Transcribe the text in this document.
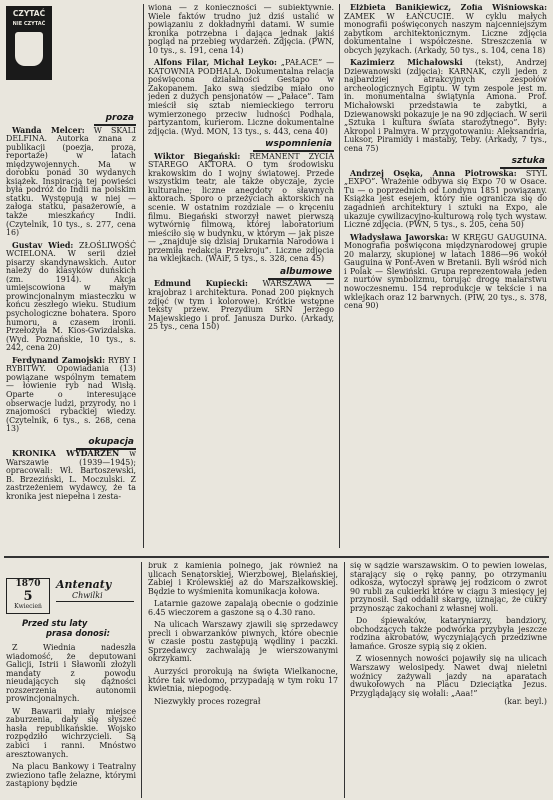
CZYTAĆ
NIE CZYTAĆ
proza

Wanda Melcer: W SKALI DELFINA. Autorka znana z publikacji (poezja, proza, reportaże) w latach międzywojennych. Ma w dorobku ponad 30 wydanych książek. Inspiracją tej powieści była podróż do Indii na polskim statku. Występują w niej — załoga statku, pasażerowie, a także mieszkańcy Indii. (Czytelnik, 10 tys., s. 277, cena 16)

Gustav Wied: ZŁOŚLIWOŚĆ WCIELONA. W serii dzieł pisarzy skandynawskich. Autor należy do klasyków duńskich (zm. 1914). Akcja umiejscowiona w małym prowincjonalnym miasteczku w końcu zeszłego wieku. Studium psychologiczne bohatera. Sporo humoru, a czasem ironii. Przełożyła M. Kios-Gwizdalska. (Wyd. Poznańskie, 10 tys., s. 242, cena 20)

Ferdynand Zamojski: RYBY I RYBITWY. Opowiadania (13) powiązane wspólnym tematem — łowienie ryb nad Wisłą. Oparte o interesujące obserwacje ludzi, przyrody, no i znajomości rybackiej wiedzy. (Czytelnik, 6 tys., s. 268, cena 13)

okupacja

KRONIKA WYDARZEŃ w Warszawie (1939—1945); opracowali: Wł. Bartoszewski, B. Brzeziński, L. Moczulski. Z zastrzeżeniem wydawcy, że ta kronika jest niepełna i zesta-

wiona — z konieczności — subiektywnie. Wiele faktów trudno już dziś ustalić w powiązaniu z dokładnymi datami. W sumie kronika potrzebna i dająca jednak jakiś pogląd na przebieg wydarzeń. Zdjęcia. (PWN, 10 tys., s. 191, cena 14)

Alfons Filar, Michał Leyko: „PAŁACE” — KATOWNIA PODHALA. Dokumentalna relacja poświęcona działalności Gestapo w Zakopanem. Jako swą siedzibę miało ono jeden z dużych pensjonatów — „Pałace”. Tam mieścił się sztab niemieckiego terroru wymierzonego przeciw ludności Podhala, partyzantom, kurierom. Liczne dokumentalne zdjęcia. (Wyd. MON, 13 tys., s. 443, cena 40)

wspomnienia

Wiktor Biegański: REMANENT ŻYCIA STAREGO AKTORA. O tym środowisku krakowskim do I wojny światowej. Przede wszystkim teatr, ale także obyczaje, życie kulturalne; liczne anegdoty o sławnych aktorach. Sporo o przeżyciach aktorskich na scenie. W ostatnim rozdziale — o kręceniu filmu. Biegański stworzył nawet pierwszą wytwórnię filmową, której laboratorium mieściło się w budynku, w którym — jak pisze — „znajduje się dzisiaj Drukarnia Narodowa i przemiła redakcja Przekroju”. Liczne zdjęcia na wklejkach. (WAiF, 5 tys., s. 328, cena 45)

albumowe

Edmund Kupiecki: WARSZAWA — krajobraz i architektura. Ponad 200 pięknych zdjęć (w tym i kolorowe). Krótkie wstępne teksty przew. Prezydium SRN Jerzego Majewskiego i prof. Janusza Durko. (Arkady, 25 tys., cena 150)

Elżbieta Banikiewicz, Zofia Wiśniowska: ZAMEK W ŁAŃCUCIE. W cyklu małych monografii poświęconych naszym najcenniejszym zabytkom architektonicznym. Liczne zdjęcia dokumentalne i współczesne. Streszczenia w obcych językach. (Arkady, 50 tys., s. 104, cena 18)

Kazimierz Michałowski (tekst), Andrzej Dziewanowski (zdjęcia): KARNAK, czyli jeden z najbardziej atrakcyjnych zespołów archeologicznych Egiptu. W tym zespole jest m. in. monumentalna świątynia Amona. Prof. Michałowski przedstawia te zabytki, a Dziewanowski pokazuje je na 90 zdjęciach. W serii „Sztuka i kultura świata starożytnego”. Były: Akropol i Palmyra. W przygotowaniu: Aleksandria, Luksor, Piramidy i mastaby, Teby. (Arkady, 7 tys., cena 75)

sztuka

Andrzej Osęka, Anna Piotrowska: STYL „EXPO”. Wrażenie odbywa się Expo 70 w Osace. Tu — o poprzednich od Londynu 1851 powiązany. Książka jest esejem, który nie ogranicza się do zagadnień architektury i sztuki na Expo, ale ukazuje cywilizacyjno-kulturową rolę tych wystaw. Liczne zdjęcia. (PWN, 5 tys., s. 205, cena 50)

Władysława Jaworska: W KRĘGU GAUGUINA. Monografia poświęcona międzynarodowej grupie 20 malarzy, skupionej w latach 1886—96 wokół Gauguina w Pont-Aven w Bretanii. Byli wśród nich i Polak — Ślewiński. Grupa reprezentowała jeden z nurtów symbolizmu, torując drogę malarstwu nowoczesnemu. 154 reprodukcje w tekście i na wklejkach oraz 12 barwnych. (PIW, 20 tys., s. 378, cena 90)

1870
5
Kwiecień
Antenaty
Chwilki
Przed stu laty
prasa donosi:

Z Wiednia nadeszła wiadomość, że deputowani Galicji, Istrii i Sławonii złożyli mandaty z powodu nieudających się dążności rozszerzenia autonomii prowincjonalnych.

W Bawarii miały miejsce zaburzenia, dały się słyszeć hasła republikańskie. Wojsko rozpędziło wichrzycieli. Są zabici i ranni. Mnóstwo aresztowanych.

Na placu Bankowy i Teatralny zwieziono tafle żelazne, którymi zastąpiony będzie

bruk z kamienia polnego, jak również na ulicach Senatorskiej, Wierzbowej, Bielańskiej, Żabiej i Królewskiej aż do Marszałkowskiej. Będzie to wyśmienita komunikacja kołowa.

Latarnie gazowe zapalają obecnie o godzinie 6.45 wieczorem a gaszone są o 4.30 rano.

Na ulicach Warszawy zjawili się sprzedawcy precli i obwarzanków piwnych, które obecnie w czasie postu zastępują wędliny i paczki. Sprzedawcy zachwalają je wierszowanymi okrzykami.

Aurzyści prorokują na święta Wielkanocne, które tak wiedomo, przypadają w tym roku 17 kwietnia, niepogodę.

Niezwykły proces rozegrał

się w sądzie warszawskim. O to pewien lowelas, starający się o rękę panny, po otrzymaniu odkosza, wytoczył sprawę jej rodzicom o zwrot 90 rubli za cukierki które w ciągu 3 miesięcy jej przynosił. Sąd oddalił skargę, uznając, że cukry przynosząc zakochani z własnej woli.

Do śpiewaków, kataryniarzy, bandziory, obchodzących także podwórka przybyła jeszcze rodzina akrobatów, wyczyniających przedziwne łamańce. Grosze sypią się z okien.

Z wiosennych nowości pojawiły się na ulicach Warszawy welosipedy. Nawet dwaj nieletni woźnicy zażywali jazdy na aparatach dwukołowych na Placu Dzieciątka Jezus. Przyglądający się wołali: „Aaa!”

(kar. beyl.)
